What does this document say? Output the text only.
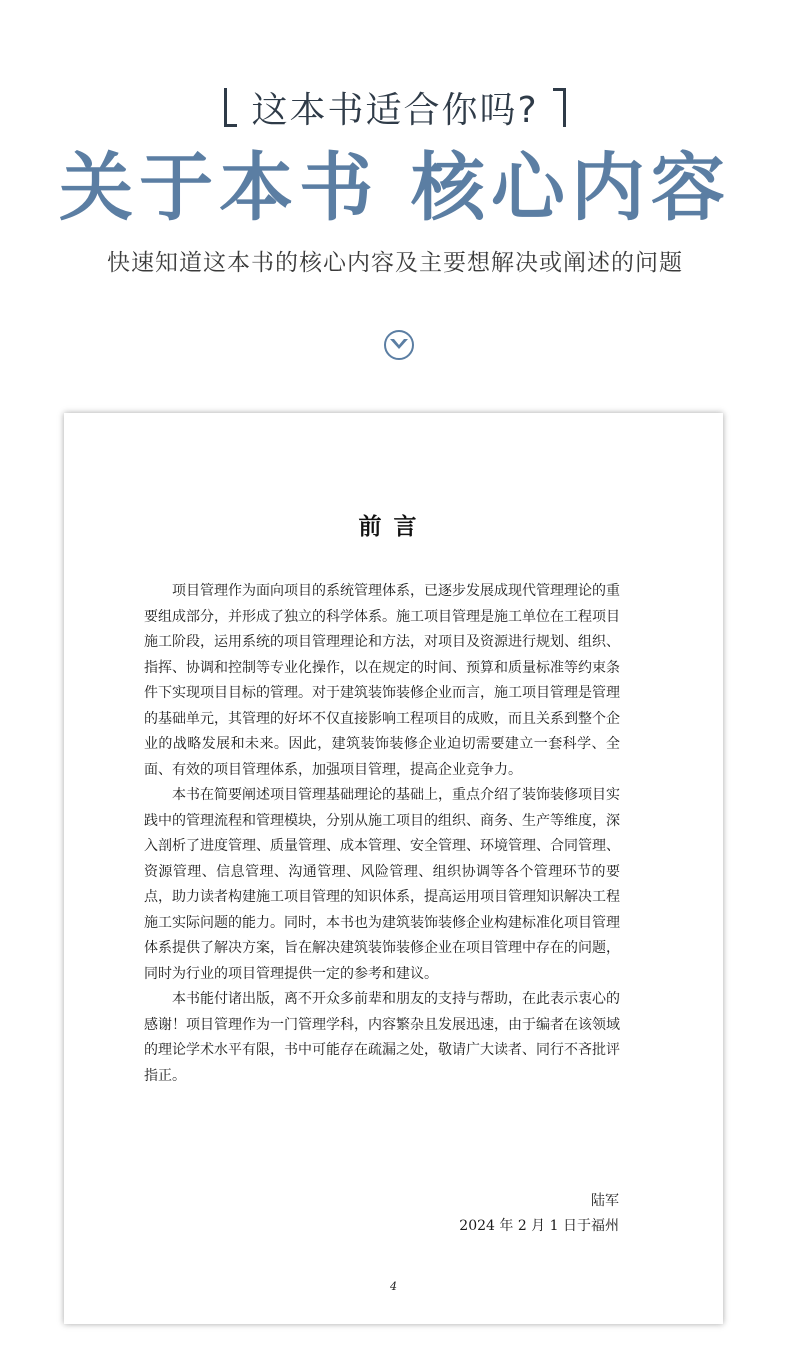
这本书适合你吗?
关于本书 核心内容
快速知道这本书的核心内容及主要想解决或阐述的问题
前言

项目管理作为面向项目的系统管理体系，已逐步发展成现代管理理论的重要组成部分，并形成了独立的科学体系。施工项目管理是施工单位在工程项目施工阶段，运用系统的项目管理理论和方法，对项目及资源进行规划、组织、指挥、协调和控制等专业化操作，以在规定的时间、预算和质量标准等约束条件下实现项目目标的管理。对于建筑装饰装修企业而言，施工项目管理是管理的基础单元，其管理的好坏不仅直接影响工程项目的成败，而且关系到整个企业的战略发展和未来。因此，建筑装饰装修企业迫切需要建立一套科学、全面、有效的项目管理体系，加强项目管理，提高企业竞争力。

本书在简要阐述项目管理基础理论的基础上，重点介绍了装饰装修项目实践中的管理流程和管理模块，分别从施工项目的组织、商务、生产等维度，深入剖析了进度管理、质量管理、成本管理、安全管理、环境管理、合同管理、资源管理、信息管理、沟通管理、风险管理、组织协调等各个管理环节的要点，助力读者构建施工项目管理的知识体系，提高运用项目管理知识解决工程施工实际问题的能力。同时，本书也为建筑装饰装修企业构建标准化项目管理体系提供了解决方案，旨在解决建筑装饰装修企业在项目管理中存在的问题，同时为行业的项目管理提供一定的参考和建议。

本书能付诸出版，离不开众多前辈和朋友的支持与帮助，在此表示衷心的感谢！项目管理作为一门管理学科，内容繁杂且发展迅速，由于编者在该领域的理论学术水平有限，书中可能存在疏漏之处，敬请广大读者、同行不吝批评指正。

陆军
2024 年 2 月 1 日于福州
4
